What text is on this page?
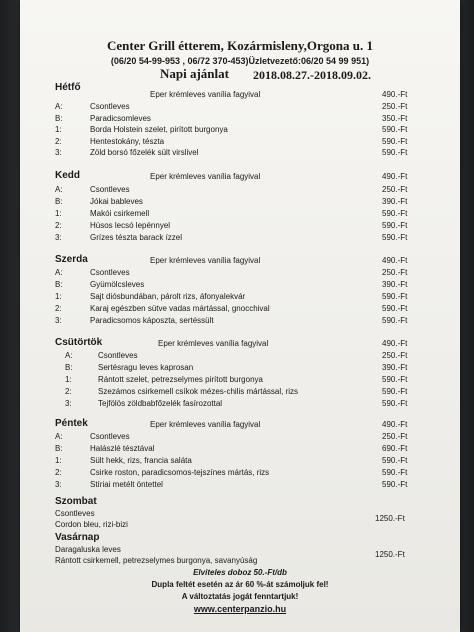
Center Grill étterem, Kozármisleny,Orgona u. 1
(06/20 54-99-953 , 06/72 370-453)Üzletvezető:06/20 54 99 951)
Napi ajánlat 2018.08.27.-2018.09.02.
Hétfő
Eper krémleves vanília fagyival	490.-Ft
A:	Csontleves	250.-Ft
B:	Paradicsomleves	350.-Ft
1:	Borda Holstein szelet, pirított burgonya	590.-Ft
2:	Hentestokány, tészta	590.-Ft
3:	Zöld borsó főzelék sült virslivel	590.-Ft
Kedd	Eper krémleves vanília fagyival	490.-Ft
A:	Csontleves	250.-Ft
B:	Jókai bableves	390.-Ft
1:	Makói csirkemell	590.-Ft
2:	Húsos lecsó lepénnyel	590.-Ft
3:	Grízes tészta barack ízzel	590.-Ft
Szerda	Eper krémleves vanília fagyival	490.-Ft
A:	Csontleves	250.-Ft
B:	Gyümölcsleves	390.-Ft
1:	Sajt diósbundában, párolt rizs, áfonyalekvár	590.-Ft
2:	Karaj egészben sütve vadas mártással, gnocchival	590.-Ft
3:	Paradicsomos káposzta, sertéssült	590.-Ft
Csütörtök	Eper krémleves vanília fagyival	490.-Ft
A:	Csontleves	250.-Ft
B:	Sertésragu leves kaprosan	390.-Ft
1:	Rántott szelet, petrezselymes pirított burgonya	590.-Ft
2:	Szezámos csirkemell csíkok mézes-chilis mártással, rizs	590.-Ft
3:	Tejfölös zöldbabfőzelék fasírozottal	590.-Ft
Péntek	Eper krémleves vanília fagyival	490.-Ft
A:	Csontleves	250.-Ft
B:	Halászlé tésztával	690.-Ft
1:	Sült hekk, rizs, francia saláta	590.-Ft
2:	Csirke roston, paradicsomos-tejszínes mártás, rizs	590.-Ft
3:	Stíriai metélt öntettel	590.-Ft
Szombat
Csontleves
Cordon bleu, rizi-bizi
1250.-Ft
Vasárnap
Daragaluska leves
Rántott csirkemell, petrezselymes burgonya, savanyúság
1250.-Ft
Elviteles doboz 50.-Ft/db
Dupla feltét esetén az ár 60 %-át számoljuk fel!
A változtatás jogát fenntartjuk!
www.centerpanzio.hu
